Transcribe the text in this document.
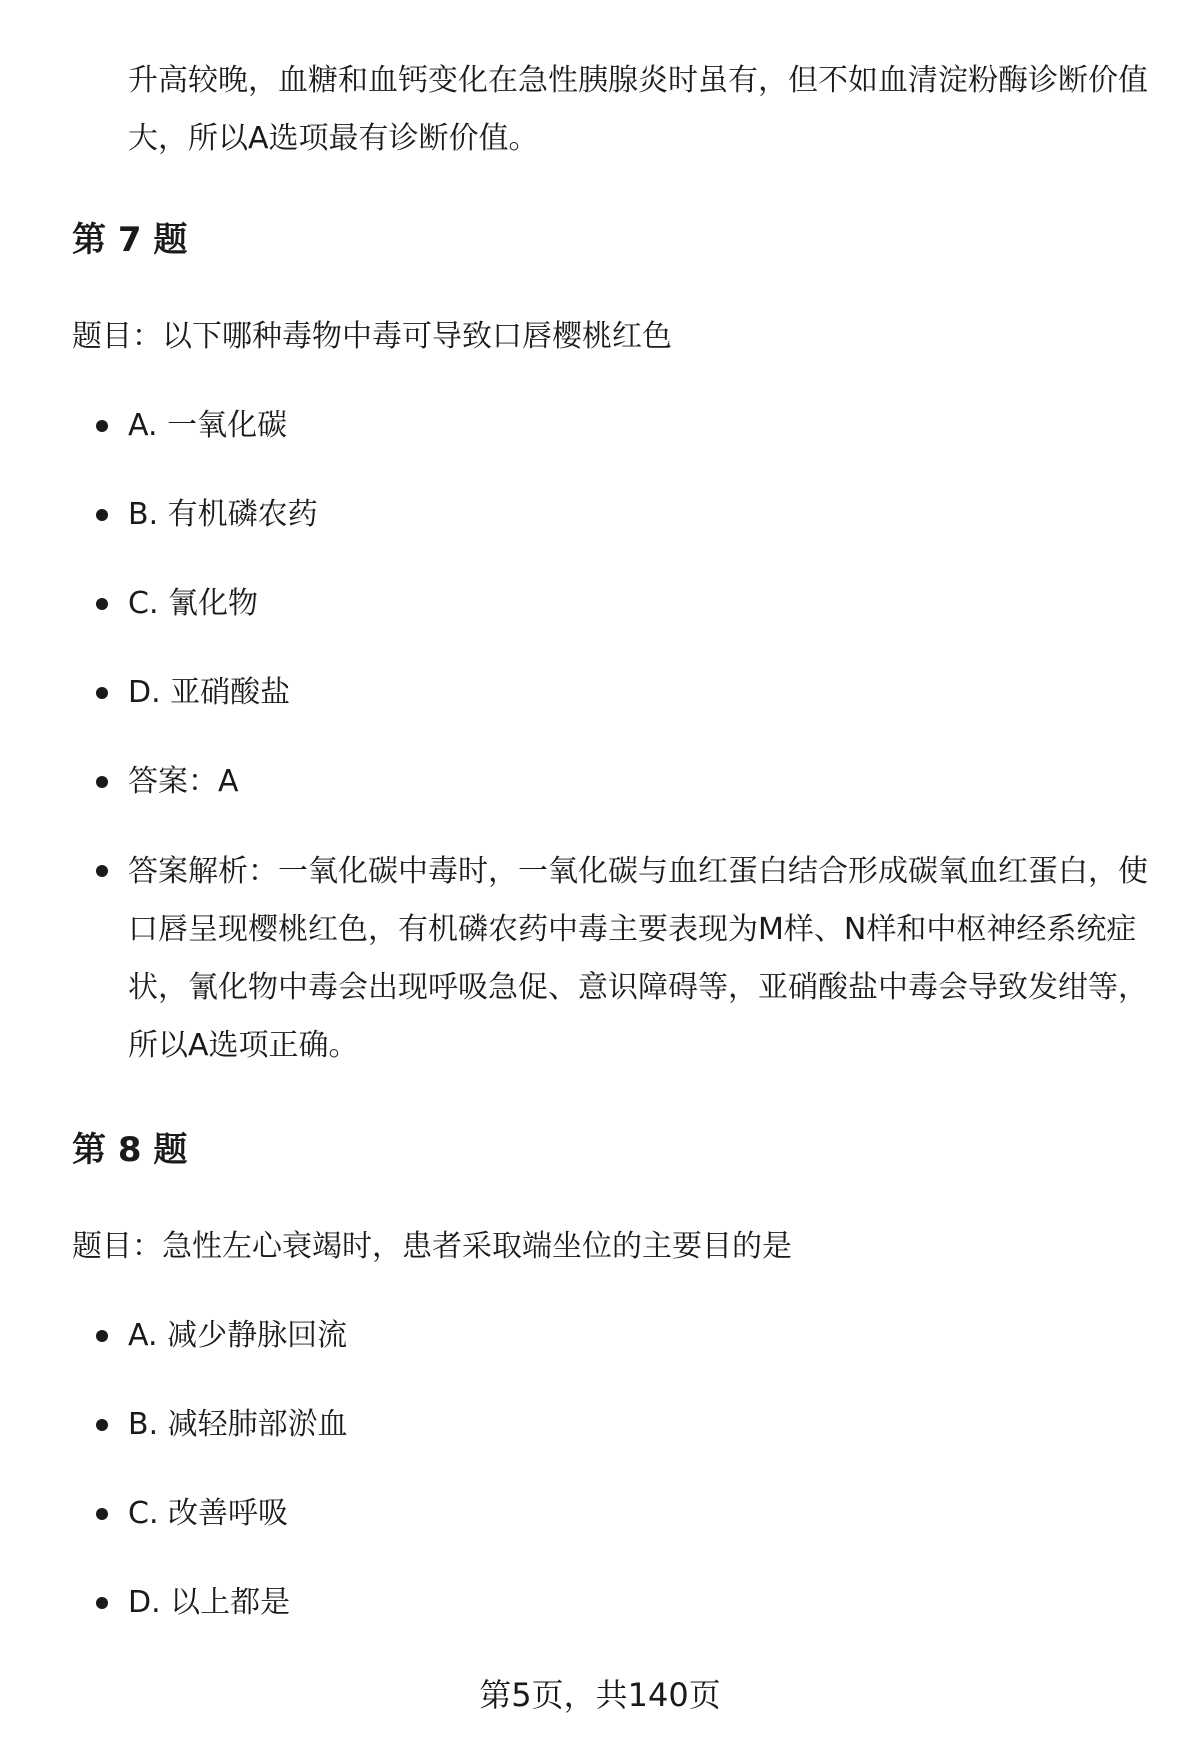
升高较晚，血糖和血钙变化在急性胰腺炎时虽有，但不如血清淀粉酶诊断价值大，所以A选项最有诊断价值。

第 7 题
题目：以下哪种毒物中毒可导致口唇樱桃红色
A. 一氧化碳
B. 有机磷农药
C. 氰化物
D. 亚硝酸盐
答案：A
答案解析：一氧化碳中毒时，一氧化碳与血红蛋白结合形成碳氧血红蛋白，使口唇呈现樱桃红色，有机磷农药中毒主要表现为M样、N样和中枢神经系统症状，氰化物中毒会出现呼吸急促、意识障碍等，亚硝酸盐中毒会导致发绀等，所以A选项正确。
第 8 题
题目：急性左心衰竭时，患者采取端坐位的主要目的是
A. 减少静脉回流
B. 减轻肺部淤血
C. 改善呼吸
D. 以上都是
第5页，共140页
